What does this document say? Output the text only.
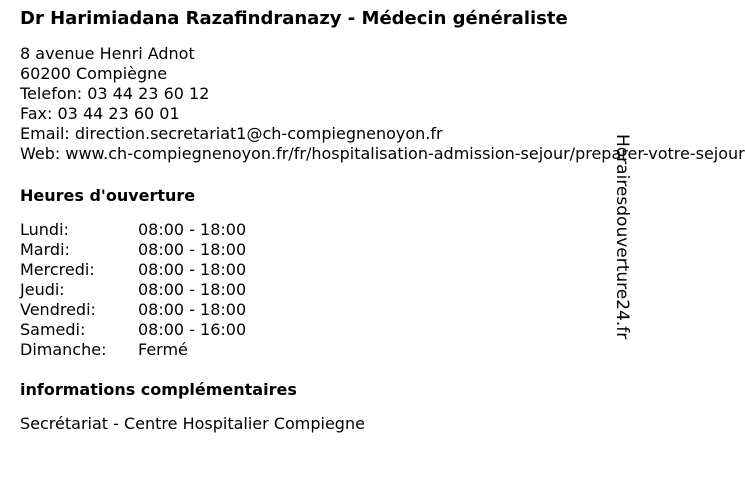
Dr Harimiadana Razafindranazy - Médecin généraliste
8 avenue Henri Adnot
60200 Compiègne
Telefon: 03 44 23 60 12
Fax: 03 44 23 60 01
Email: direction.secretariat1@ch-compiegnenoyon.fr
Web: www.ch-compiegnenoyon.fr/fr/hospitalisation-admission-sejour/preparer-votre-sejour
Heures d'ouverture
Lundi:	08:00 - 18:00
Mardi:	08:00 - 18:00
Mercredi:	08:00 - 18:00
Jeudi:	08:00 - 18:00
Vendredi:	08:00 - 18:00
Samedi:	08:00 - 16:00
Dimanche:	Fermé
informations complémentaires
Secrétariat - Centre Hospitalier Compiegne
Horairesdouverture24.fr
